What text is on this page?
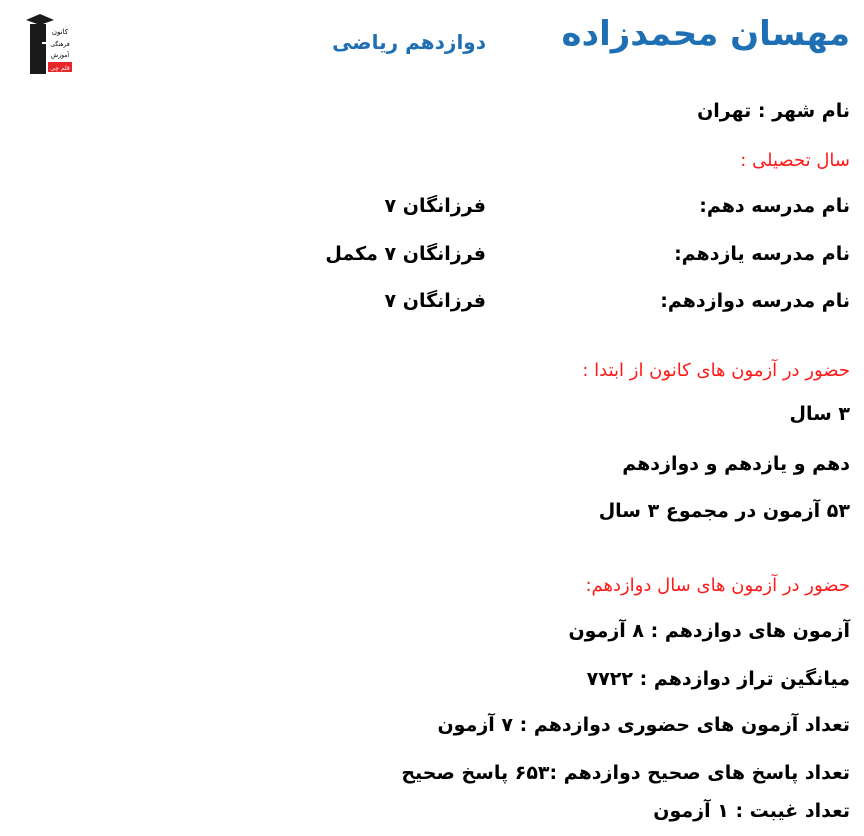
کانون
فرهنگی
آموزش
قلم چی
مهسان محمدزاده
دوازدهم ریاضی
نام شهر : تهران
سال تحصیلی :
نام مدرسه دهم:
فرزانگان ۷
نام مدرسه یازدهم:
فرزانگان ۷ مکمل
نام مدرسه دوازدهم:
فرزانگان ۷
حضور در آزمون های کانون از ابتدا :
۳ سال
دهم و یازدهم و دوازدهم
۵۳ آزمون در مجموع ۳ سال
حضور در آزمون های سال دوازدهم:
آزمون های دوازدهم : ۸ آزمون
میانگین تراز دوازدهم : ۷۷۲۲
تعداد آزمون های حضوری دوازدهم : ۷ آزمون
تعداد پاسخ های صحیح دوازدهم :۶۵۳ پاسخ صحیح
تعداد غیبت : ۱ آزمون
